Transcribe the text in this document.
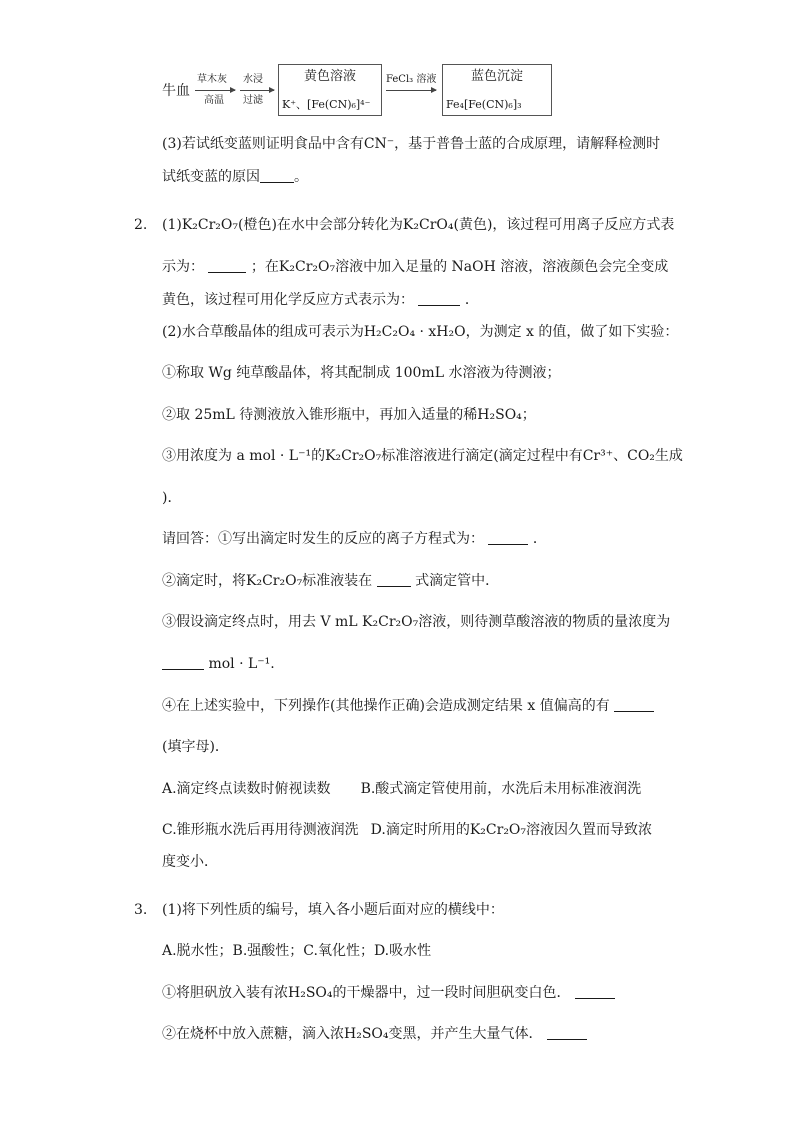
牛血
草木灰
高温
水浸
过滤
黄色溶液
K⁺、[Fe(CN)₆]⁴⁻
FeCl₃ 溶液	蓝色沉淀
Fe₄[Fe(CN)₆]₃
(3)若试纸变蓝则证明食品中含有CN⁻，基于普鲁士蓝的合成原理，请解释检测时
试纸变蓝的原因 。
2. (1)K₂Cr₂O₇(橙色)在水中会部分转化为K₂CrO₄(黄色)，该过程可用离子反应方式表
示为：	；在K₂Cr₂O₇溶液中加入足量的 NaOH 溶液，溶液颜色会完全变成
黄色，该过程可用化学反应方式表示为：	．
(2)水合草酸晶体的组成可表示为H₂C₂O₄ · xH₂O，为测定 x 的值，做了如下实验：
①称取 Wg 纯草酸晶体，将其配制成 100mL 水溶液为待测液；
②取 25mL 待测液放入锥形瓶中，再加入适量的稀H₂SO₄；
③用浓度为 a mol · L⁻¹的K₂Cr₂O₇标准溶液进行滴定(滴定过程中有Cr³⁺、CO₂生成
)．
请回答：①写出滴定时发生的反应的离子方程式为：	．
②滴定时，将K₂Cr₂O₇标准液装在	式滴定管中．
③假设滴定终点时，用去 V mL K₂Cr₂O₇溶液，则待测草酸溶液的物质的量浓度为
mol · L⁻¹.
④在上述实验中，下列操作(其他操作正确)会造成测定结果 x 值偏高的有
(填字母)．
A.滴定终点读数时俯视读数 B.酸式滴定管使用前，水洗后未用标准液润洗
C.锥形瓶水洗后再用待测液润洗 D.滴定时所用的K₂Cr₂O₇溶液因久置而导致浓
度变小．
3. (1)将下列性质的编号，填入各小题后面对应的横线中：
A.脱水性；B.强酸性；C.氧化性；D.吸水性
①将胆矾放入装有浓H₂SO₄的干燥器中，过一段时间胆矾变白色．
②在烧杯中放入蔗糖，滴入浓H₂SO₄变黑，并产生大量气体．
